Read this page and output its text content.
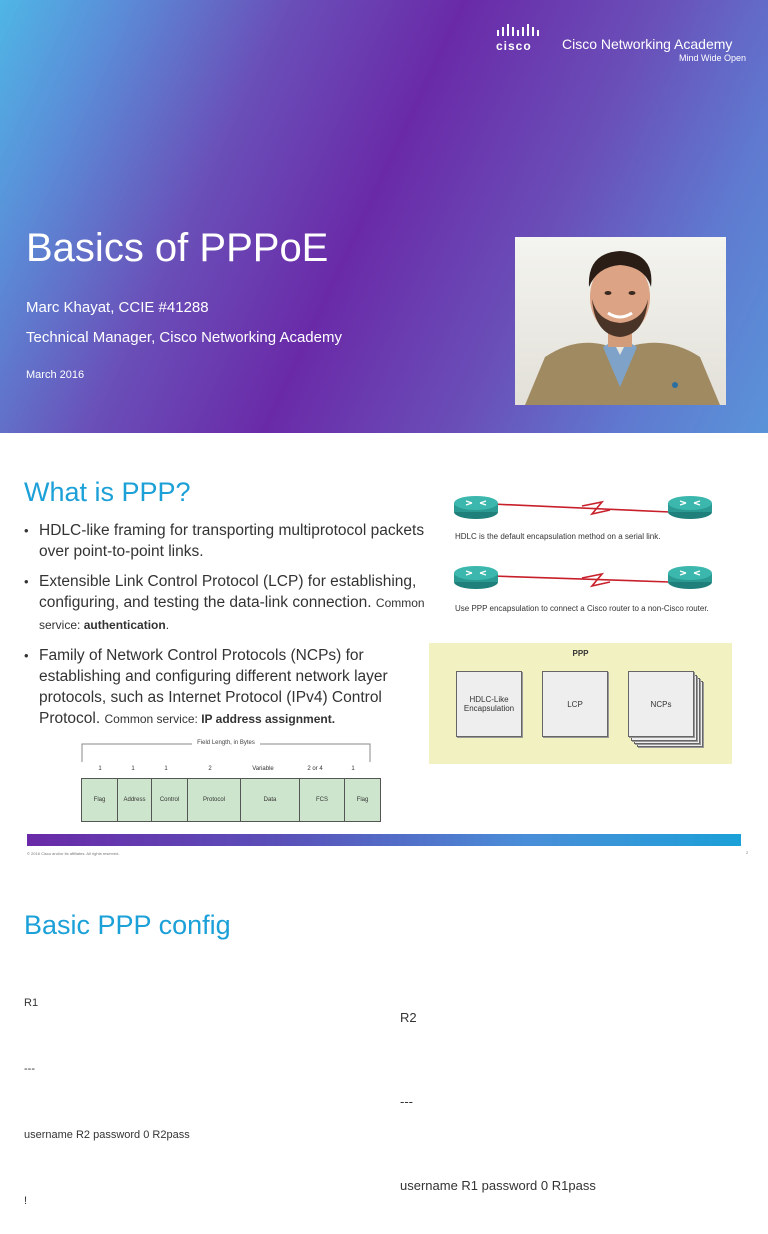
cisco Cisco Networking Academy
Mind Wide Open
Basics of PPPoE
Marc Khayat, CCIE #41288
Technical Manager, Cisco Networking Academy
March 2016
What is PPP?
• HDLC-like framing for transporting multiprotocol packets over point-to-point links.
• Extensible Link Control Protocol (LCP) for establishing, configuring, and testing the data-link connection. Common service: authentication.
• Family of Network Control Protocols (NCPs) for establishing and configuring different network layer protocols, such as Internet Protocol (IPv4) Control Protocol. Common service: IP address assignment.
HDLC is the default encapsulation method on a serial link.
Use PPP encapsulation to connect a Cisco router to a non-Cisco router.
PPP
HDLC-Like Encapsulation	LCP	NCPs
Field Length, in Bytes
1	1	1	2	Variable	2 or 4	1
Flag	Address	Control	Protocol	Data	FCS	Flag
© 2016 Cisco and/or its affiliates. All rights reserved.	2
Basic PPP config

R1

---

username R2 password 0 R2pass

!

R2

---

username R1 password 0 R1pass
